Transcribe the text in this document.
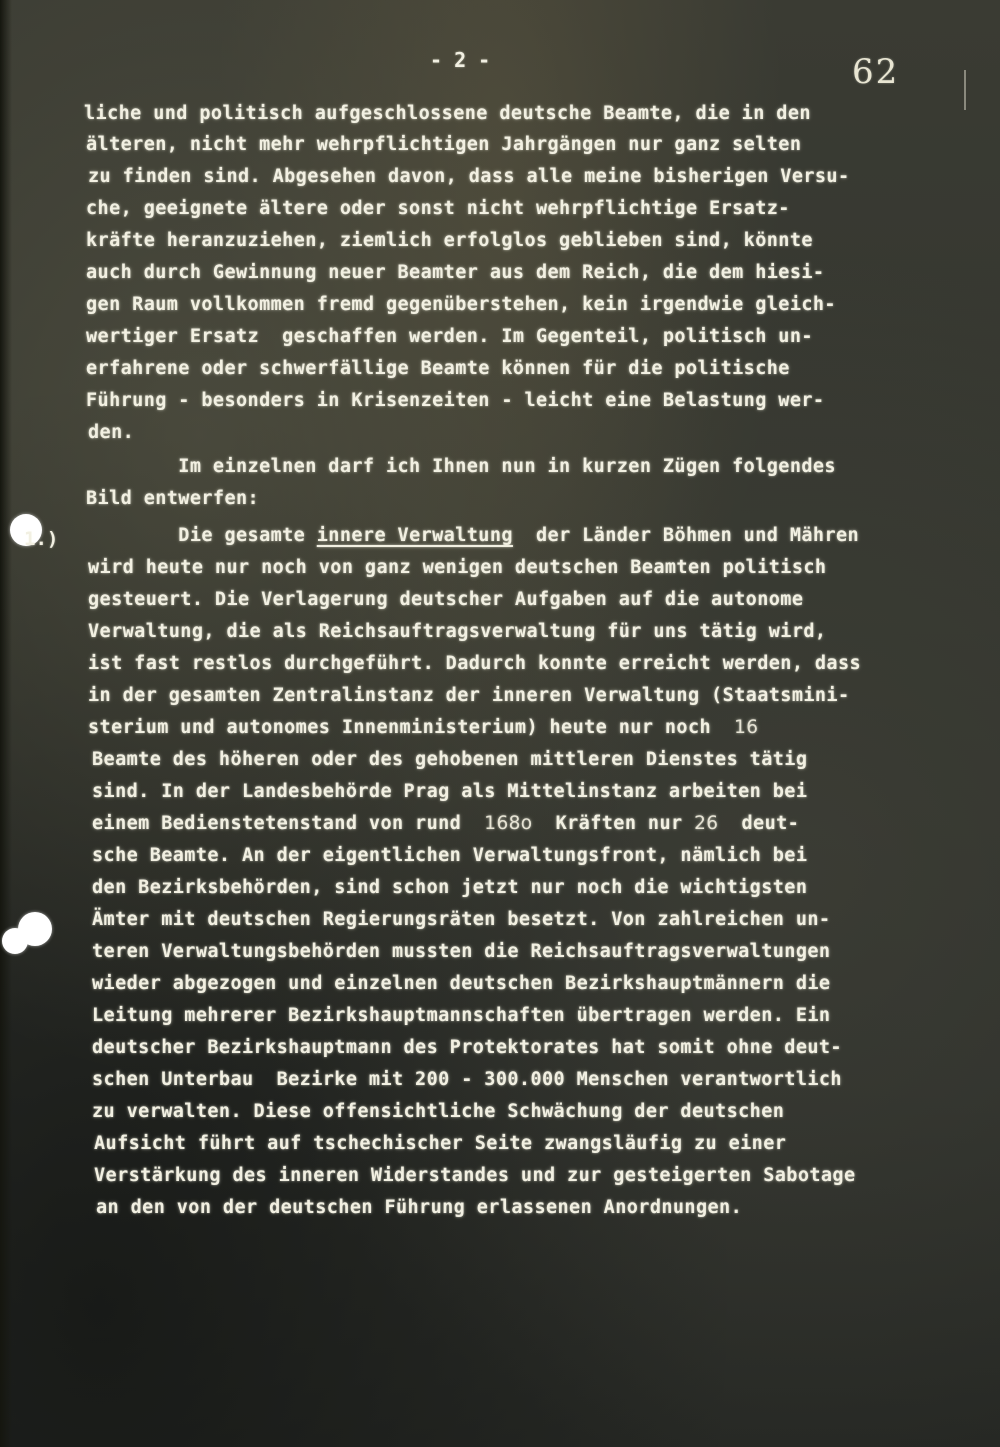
- 2 -	62
1.)

liche und politisch aufgeschlossene deutsche Beamte, die in den

älteren, nicht mehr wehrpflichtigen Jahrgängen nur ganz selten

zu finden sind. Abgesehen davon, dass alle meine bisherigen Versu-

che, geeignete ältere oder sonst nicht wehrpflichtige Ersatz-

kräfte heranzuziehen, ziemlich erfolglos geblieben sind, könnte

auch durch Gewinnung neuer Beamter aus dem Reich, die dem hiesi-

gen Raum vollkommen fremd gegenüberstehen, kein irgendwie gleich-

wertiger Ersatz  geschaffen werden. Im Gegenteil, politisch un-

erfahrene oder schwerfällige Beamte können für die politische

Führung - besonders in Krisenzeiten - leicht eine Belastung wer-

den.

Im einzelnen darf ich Ihnen nun in kurzen Zügen folgendes

Bild entwerfen:

Die gesamte innere Verwaltung  der Länder Böhmen und Mähren

wird heute nur noch von ganz wenigen deutschen Beamten politisch

gesteuert. Die Verlagerung deutscher Aufgaben auf die autonome

Verwaltung, die als Reichsauftragsverwaltung für uns tätig wird,

ist fast restlos durchgeführt. Dadurch konnte erreicht werden, dass

in der gesamten Zentralinstanz der inneren Verwaltung (Staatsmini-

sterium und autonomes Innenministerium) heute nur noch 16

Beamte des höheren oder des gehobenen mittleren Dienstes tätig

sind. In der Landesbehörde Prag als Mittelinstanz arbeiten bei

einem Bedienstetenstand von rund 168o Kräften nur 26 deut-

sche Beamte. An der eigentlichen Verwaltungsfront, nämlich bei

den Bezirksbehörden, sind schon jetzt nur noch die wichtigsten

Ämter mit deutschen Regierungsräten besetzt. Von zahlreichen un-

teren Verwaltungsbehörden mussten die Reichsauftragsverwaltungen

wieder abgezogen und einzelnen deutschen Bezirkshauptmännern die

Leitung mehrerer Bezirkshauptmannschaften übertragen werden. Ein

deutscher Bezirkshauptmann des Protektorates hat somit ohne deut-

schen Unterbau  Bezirke mit 200 - 300.000 Menschen verantwortlich

zu verwalten. Diese offensichtliche Schwächung der deutschen

Aufsicht führt auf tschechischer Seite zwangsläufig zu einer

Verstärkung des inneren Widerstandes und zur gesteigerten Sabotage

an den von der deutschen Führung erlassenen Anordnungen.
